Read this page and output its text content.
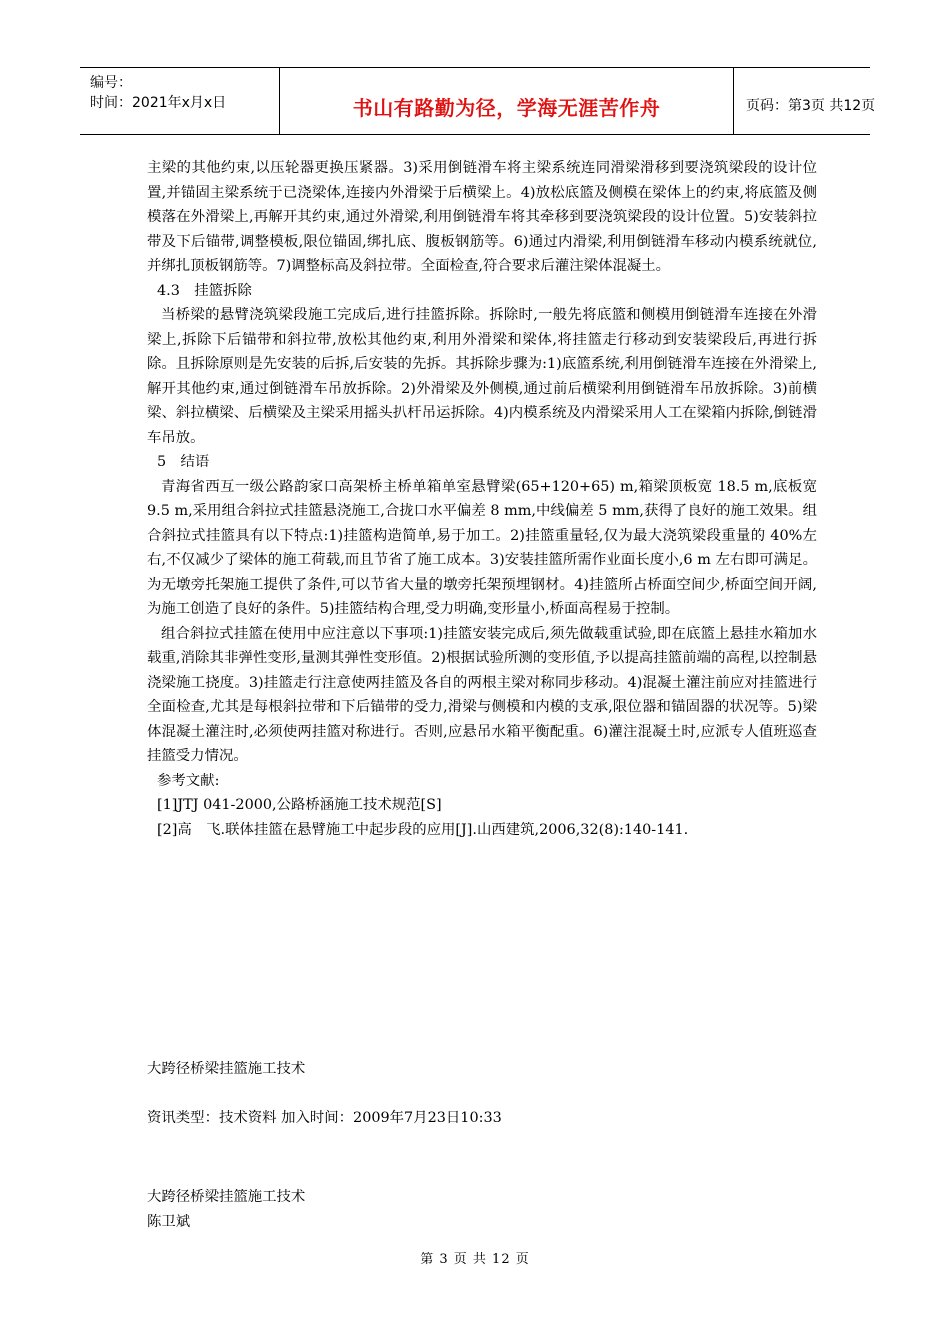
编号：
时间：2021年x月x日	书山有路勤为径，学海无涯苦作舟	页码：第3页 共12页

主梁的其他约束,以压轮器更换压紧器。3)采用倒链滑车将主梁系统连同滑梁滑移到要浇筑梁段的设计位置,并锚固主梁系统于已浇梁体,连接内外滑梁于后横梁上。4)放松底篮及侧模在梁体上的约束,将底篮及侧模落在外滑梁上,再解开其约束,通过外滑梁,利用倒链滑车将其牵移到要浇筑梁段的设计位置。5)安装斜拉带及下后锚带,调整模板,限位锚固,绑扎底、腹板钢筋等。6)通过内滑梁,利用倒链滑车移动内模系统就位,并绑扎顶板钢筋等。7)调整标高及斜拉带。全面检查,符合要求后灌注梁体混凝土。

4.3　挂篮拆除

当桥梁的悬臂浇筑梁段施工完成后,进行挂篮拆除。拆除时,一般先将底篮和侧模用倒链滑车连接在外滑梁上,拆除下后锚带和斜拉带,放松其他约束,利用外滑梁和梁体,将挂篮走行移动到安装梁段后,再进行拆除。且拆除原则是先安装的后拆,后安装的先拆。其拆除步骤为:1)底篮系统,利用倒链滑车连接在外滑梁上,解开其他约束,通过倒链滑车吊放拆除。2)外滑梁及外侧模,通过前后横梁利用倒链滑车吊放拆除。3)前横梁、斜拉横梁、后横梁及主梁采用摇头扒杆吊运拆除。4)内模系统及内滑梁采用人工在梁箱内拆除,倒链滑车吊放。

5　结语

青海省西互一级公路韵家口高架桥主桥单箱单室悬臂梁(65+120+65) m,箱梁顶板宽 18.5 m,底板宽 9.5 m,采用组合斜拉式挂篮悬浇施工,合拢口水平偏差 8 mm,中线偏差 5 mm,获得了良好的施工效果。组合斜拉式挂篮具有以下特点:1)挂篮构造简单,易于加工。2)挂篮重量轻,仅为最大浇筑梁段重量的 40%左右,不仅减少了梁体的施工荷载,而且节省了施工成本。3)安装挂篮所需作业面长度小,6 m 左右即可满足。为无墩旁托架施工提供了条件,可以节省大量的墩旁托架预埋钢材。4)挂篮所占桥面空间少,桥面空间开阔,为施工创造了良好的条件。5)挂篮结构合理,受力明确,变形量小,桥面高程易于控制。

组合斜拉式挂篮在使用中应注意以下事项:1)挂篮安装完成后,须先做载重试验,即在底篮上悬挂水箱加水载重,消除其非弹性变形,量测其弹性变形值。2)根据试验所测的变形值,予以提高挂篮前端的高程,以控制悬浇梁施工挠度。3)挂篮走行注意使两挂篮及各自的两根主梁对称同步移动。4)混凝土灌注前应对挂篮进行全面检查,尤其是每根斜拉带和下后锚带的受力,滑梁与侧模和内模的支承,限位器和锚固器的状况等。5)梁体混凝土灌注时,必须使两挂篮对称进行。否则,应悬吊水箱平衡配重。6)灌注混凝土时,应派专人值班巡查挂篮受力情况。

参考文献:

[1]JTJ 041-2000,公路桥涵施工技术规范[S]

[2]高　飞.联体挂篮在悬臂施工中起步段的应用[J].山西建筑,2006,32(8):140-141.

大跨径桥梁挂篮施工技术
资讯类型：技术资料 加入时间：2009年7月23日10:33
大跨径桥梁挂篮施工技术
陈卫斌
第 3 页 共 12 页
